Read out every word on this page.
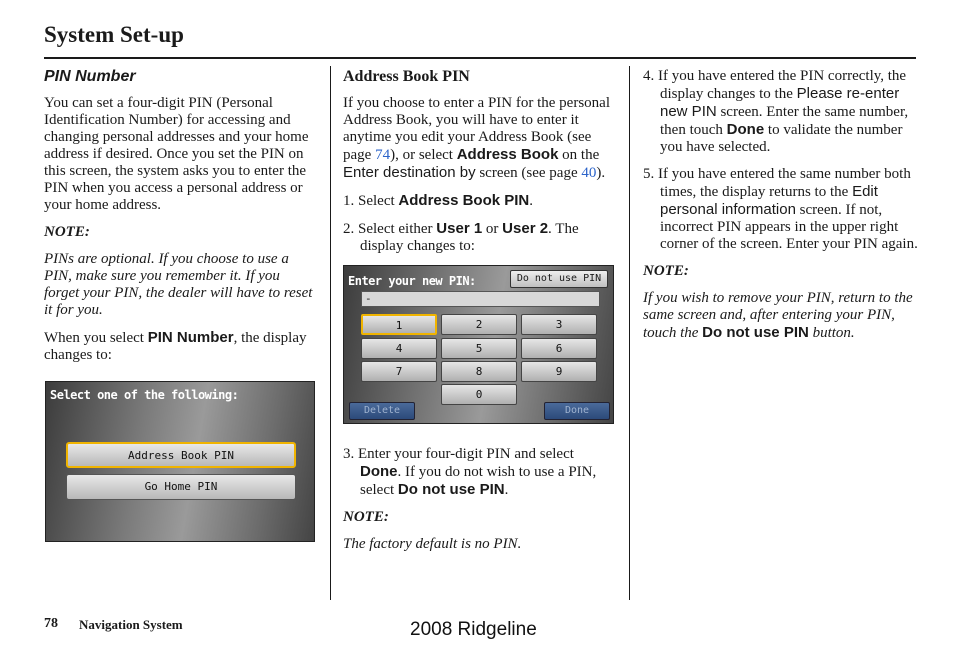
System Set-up

PIN Number

You can set a four-digit PIN (Personal Identification Number) for accessing and changing personal addresses and your home address if desired. Once you set the PIN on this screen, the system asks you to enter the PIN when you access a personal address or your home address.

NOTE:

PINs are optional. If you choose to use a PIN, make sure you remember it. If you forget your PIN, the dealer will have to reset it for you.

When you select PIN Number, the display changes to:

Select one of the following:
Address Book PIN
Go Home PIN

Address Book PIN

If you choose to enter a PIN for the personal Address Book, you will have to enter it anytime you edit your Address Book (see page 74), or select Address Book on the Enter destination by screen (see page 40).

1. Select Address Book PIN.

2. Select either User 1 or User 2. The display changes to:

3. Enter your four-digit PIN and select Done. If you do not wish to use a PIN, select Do not use PIN.

NOTE:

The factory default is no PIN.

Enter your new PIN:	Do not use PIN
-
1	2	3
4	5	6
7	8	9
0
Delete	Done

4. If you have entered the PIN correctly, the display changes to the Please re-enter new PIN screen. Enter the same number, then touch Done to validate the number you have selected.

5. If you have entered the same number both times, the display returns to the Edit personal information screen. If not, incorrect PIN appears in the upper right corner of the screen. Enter your PIN again.

NOTE:

If you wish to remove your PIN, return to the same screen and, after entering your PIN, touch the Do not use PIN button.

78 Navigation System	2008 Ridgeline
